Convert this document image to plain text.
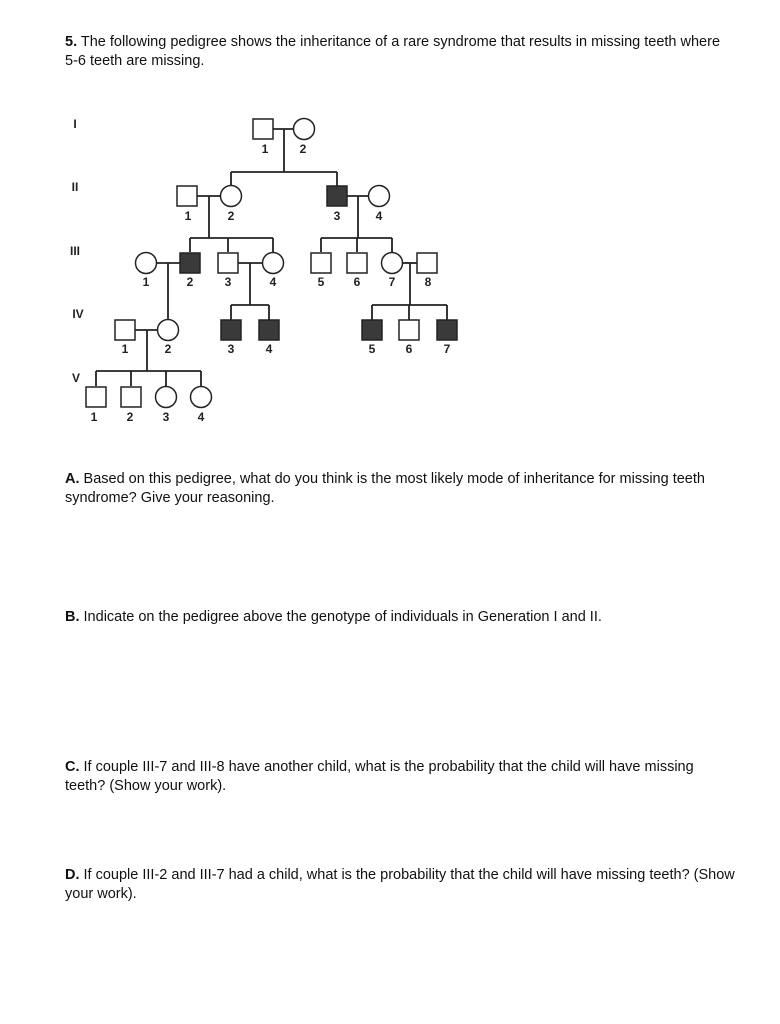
5. The following pedigree shows the inheritance of a rare syndrome that results in missing teeth where 5-6 teeth are missing.

I
II
III
IV
V
1	2
1	2	3	4
1	2	3	4	5 6 7 8
1	2	3	4	5	6	7
1 2 3 4

A. Based on this pedigree, what do you think is the most likely mode of inheritance for missing teeth syndrome? Give your reasoning.

B. Indicate on the pedigree above the genotype of individuals in Generation I and II.

C. If couple III-7 and III-8 have another child, what is the probability that the child will have missing teeth? (Show your work).

D. If couple III-2 and III-7 had a child, what is the probability that the child will have missing teeth? (Show your work).
